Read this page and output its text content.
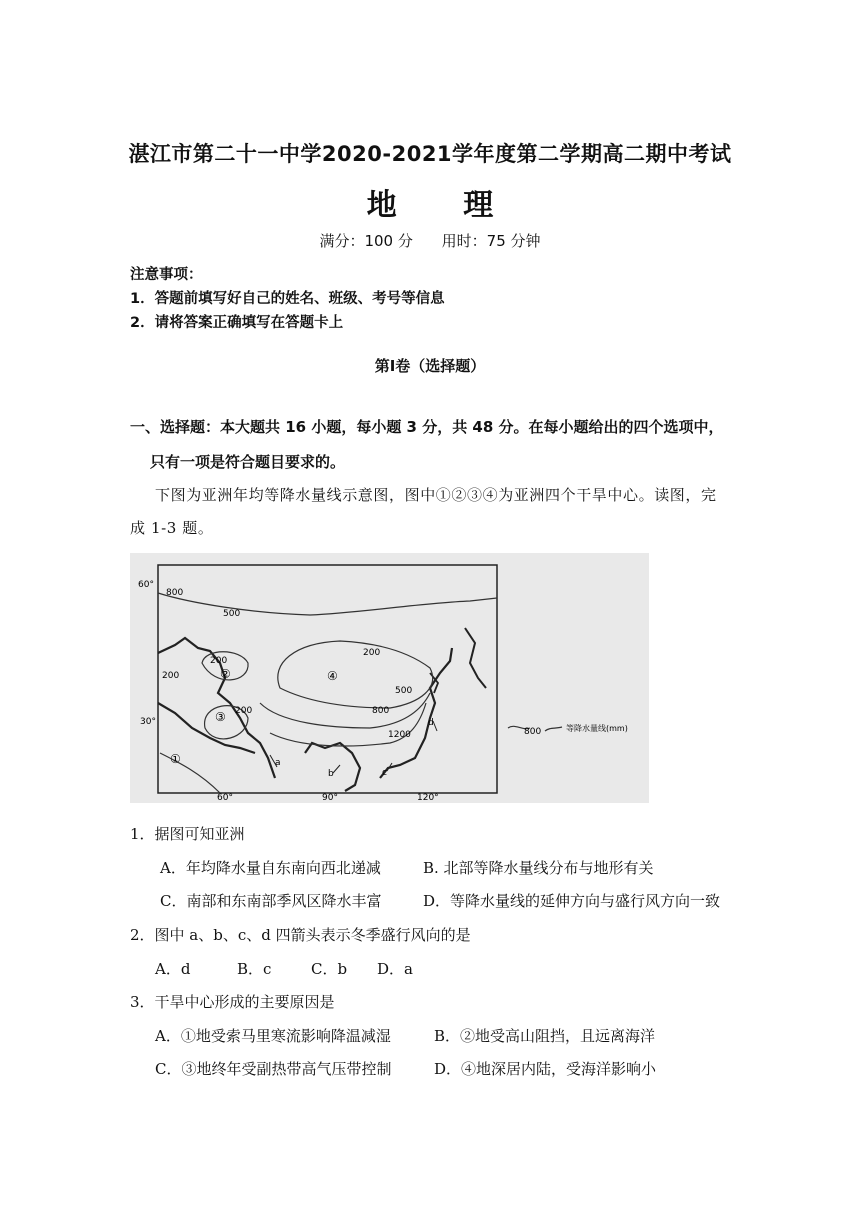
湛江市第二十一中学2020-2021学年度第二学期高二期中考试
地 理
满分：100 分 用时：75 分钟
注意事项：
1．答题前填写好自己的姓名、班级、考号等信息
2．请将答案正确填写在答题卡上
第Ⅰ卷（选择题）
一、选择题：本大题共 16 小题，每小题 3 分，共 48 分。在每小题给出的四个选项中，
只有一项是符合题目要求的。
下图为亚洲年均等降水量线示意图，图中①②③④为亚洲四个干旱中心。读图，完
成 1-3 题。
800
500
200
200
200
200
500
800
1200
①
②
③
④
a
b	c
d
60°
30°
60°	90°	120°
800	等降水量线(mm)
1．据图可知亚洲
A．年均降水量自东南向西北递减	B. 北部等降水量线分布与地形有关
C．南部和东南部季风区降水丰富	D．等降水量线的延伸方向与盛行风方向一致
2．图中 a、b、c、d 四箭头表示冬季盛行风向的是
A．d	B．c	C．b D．a
3．干旱中心形成的主要原因是
A．①地受索马里寒流影响降温减湿	B．②地受高山阻挡，且远离海洋
C．③地终年受副热带高气压带控制	D．④地深居内陆，受海洋影响小
